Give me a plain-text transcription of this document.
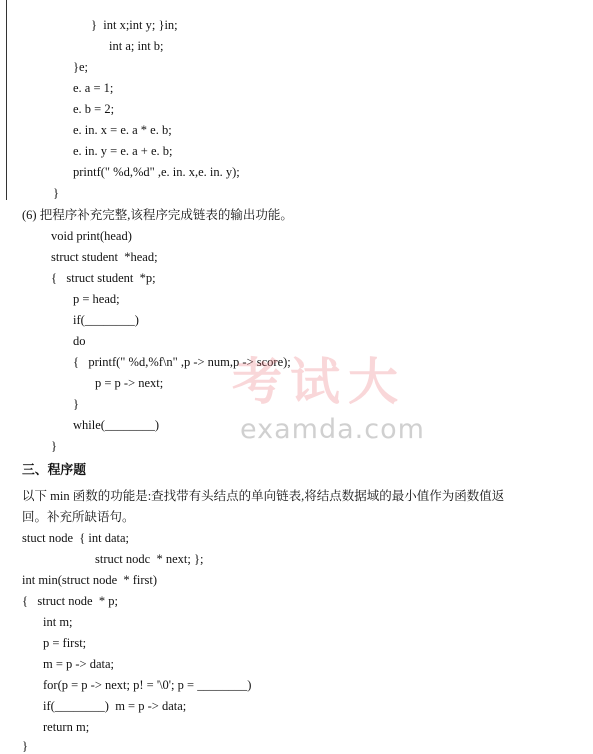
}  int x;int y; }in;
int a; int b;
}e;
e. a = 1;
e. b = 2;
e. in. x = e. a * e. b;
e. in. y = e. a + e. b;
printf(" %d,%d" ,e. in. x,e. in. y);
}
(6) 把程序补充完整,该程序完成链表的输出功能。
void print(head)
struct student  *head;
{   struct student  *p;
p = head;
if(________)
do
{   printf(" %d,%f\n" ,p -> num,p -> score);
p = p -> next;
}
while(________)
}
三、程序题
以下 min 函数的功能是:查找带有头结点的单向链表,将结点数据域的最小值作为函数值返
回。补充所缺语句。
stuct node  { int data;
struct nodc  * next; };
int min(struct node  * first)
{   struct node  * p;
int m;
p = first;
m = p -> data;
for(p = p -> next; p! = '\0'; p = ________)
if(________)  m = p -> data;
return m;
}
考试大
examda.com
